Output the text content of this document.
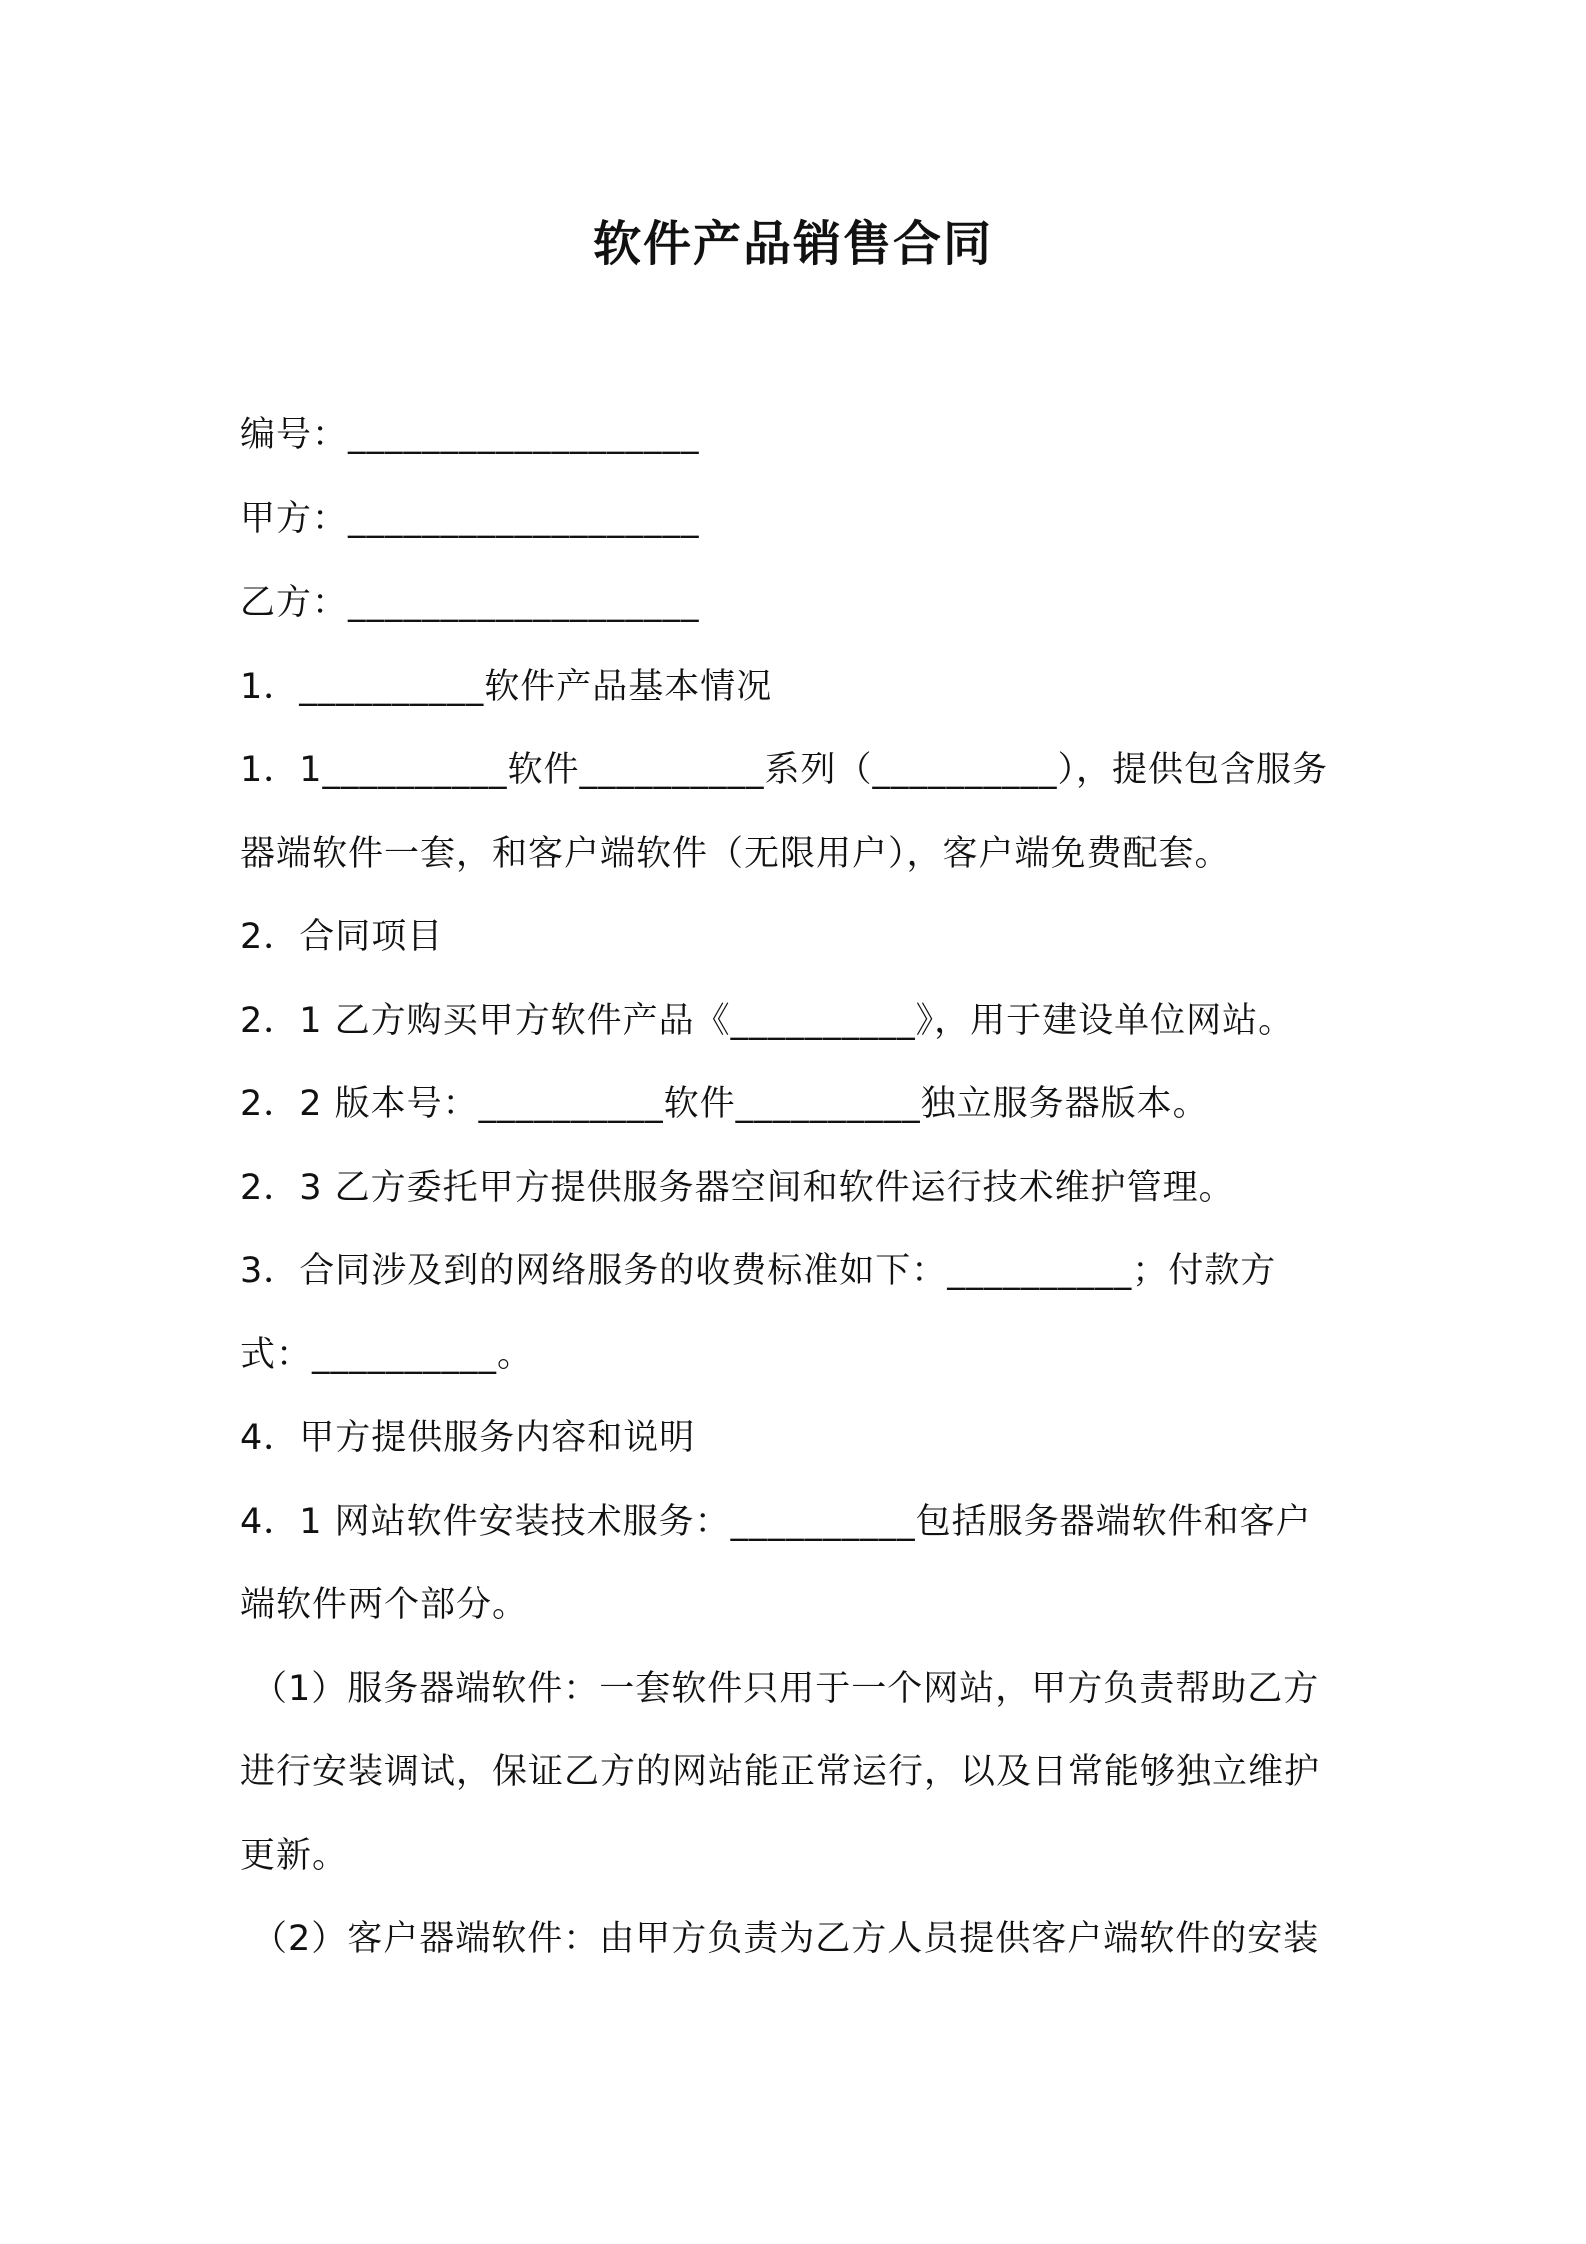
软件产品销售合同
编号：___________________
甲方：___________________
乙方：___________________
1．__________软件产品基本情况
1．1__________软件__________系列（__________），提供包含服务
器端软件一套，和客户端软件（无限用户），客户端免费配套。
2．合同项目
2．1 乙方购买甲方软件产品《__________》，用于建设单位网站。
2．2 版本号：__________软件__________独立服务器版本。
2．3 乙方委托甲方提供服务器空间和软件运行技术维护管理。
3．合同涉及到的网络服务的收费标准如下：__________；付款方
式：__________。
4．甲方提供服务内容和说明
4．1 网站软件安装技术服务：__________包括服务器端软件和客户
端软件两个部分。
（1）服务器端软件：一套软件只用于一个网站，甲方负责帮助乙方
进行安装调试，保证乙方的网站能正常运行，以及日常能够独立维护
更新。
（2）客户器端软件：由甲方负责为乙方人员提供客户端软件的安装
